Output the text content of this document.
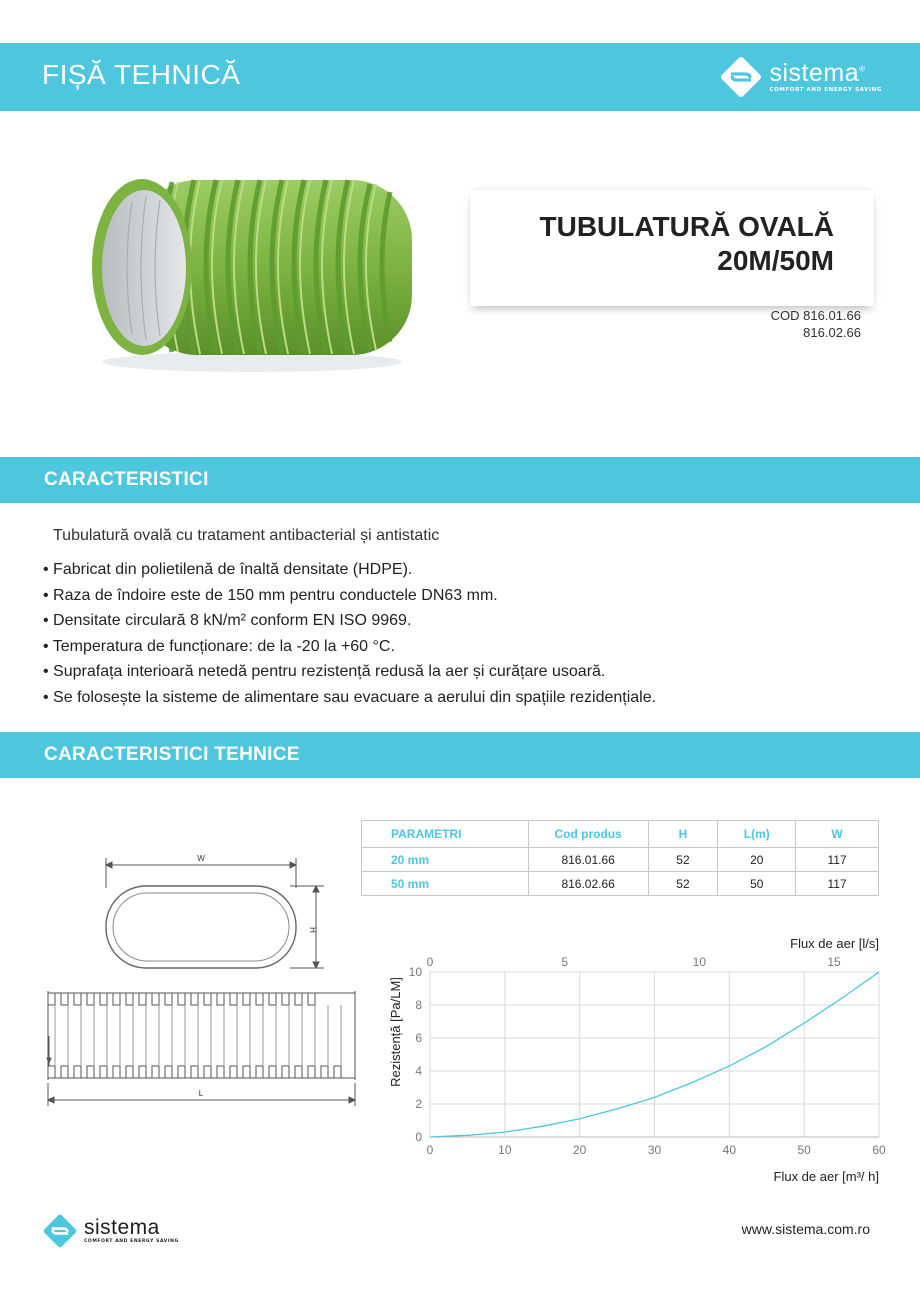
FIȘĂ TEHNICĂ	sistema®
COMFORT AND ENERGY SAVING
TUBULATURĂ OVALĂ
20M/50M
COD 816.01.66
816.02.66
CARACTERISTICI
Tubulatură ovală cu tratament antibacterial și antistatic
• Fabricat din polietilenă de înaltă densitate (HDPE).
• Raza de îndoire este de 150 mm pentru conductele DN63 mm.
• Densitate circulară 8 kN/m² conform EN ISO 9969.
• Temperatura de funcționare: de la -20 la +60 °C.
• Suprafața interioară netedă pentru rezistență redusă la aer și curățare usoară.
• Se folosește la sisteme de alimentare sau evacuare a aerului din spațiile rezidențiale.
CARACTERISTICI TEHNICE
W
H
L
PARAMETRI	Cod produs	H	L(m)	W
20 mm	816.01.66	52	20	117
50 mm	816.02.66	52	50	117
0	10	20	30	40	50	60
0
2
4
6
8
10
0	5	10	15
Flux de aer [m³/ h]
Flux de aer [l/s]
Rezistență [Pa/LM]
sistema
COMFORT AND ENERGY SAVING
www.sistema.com.ro
